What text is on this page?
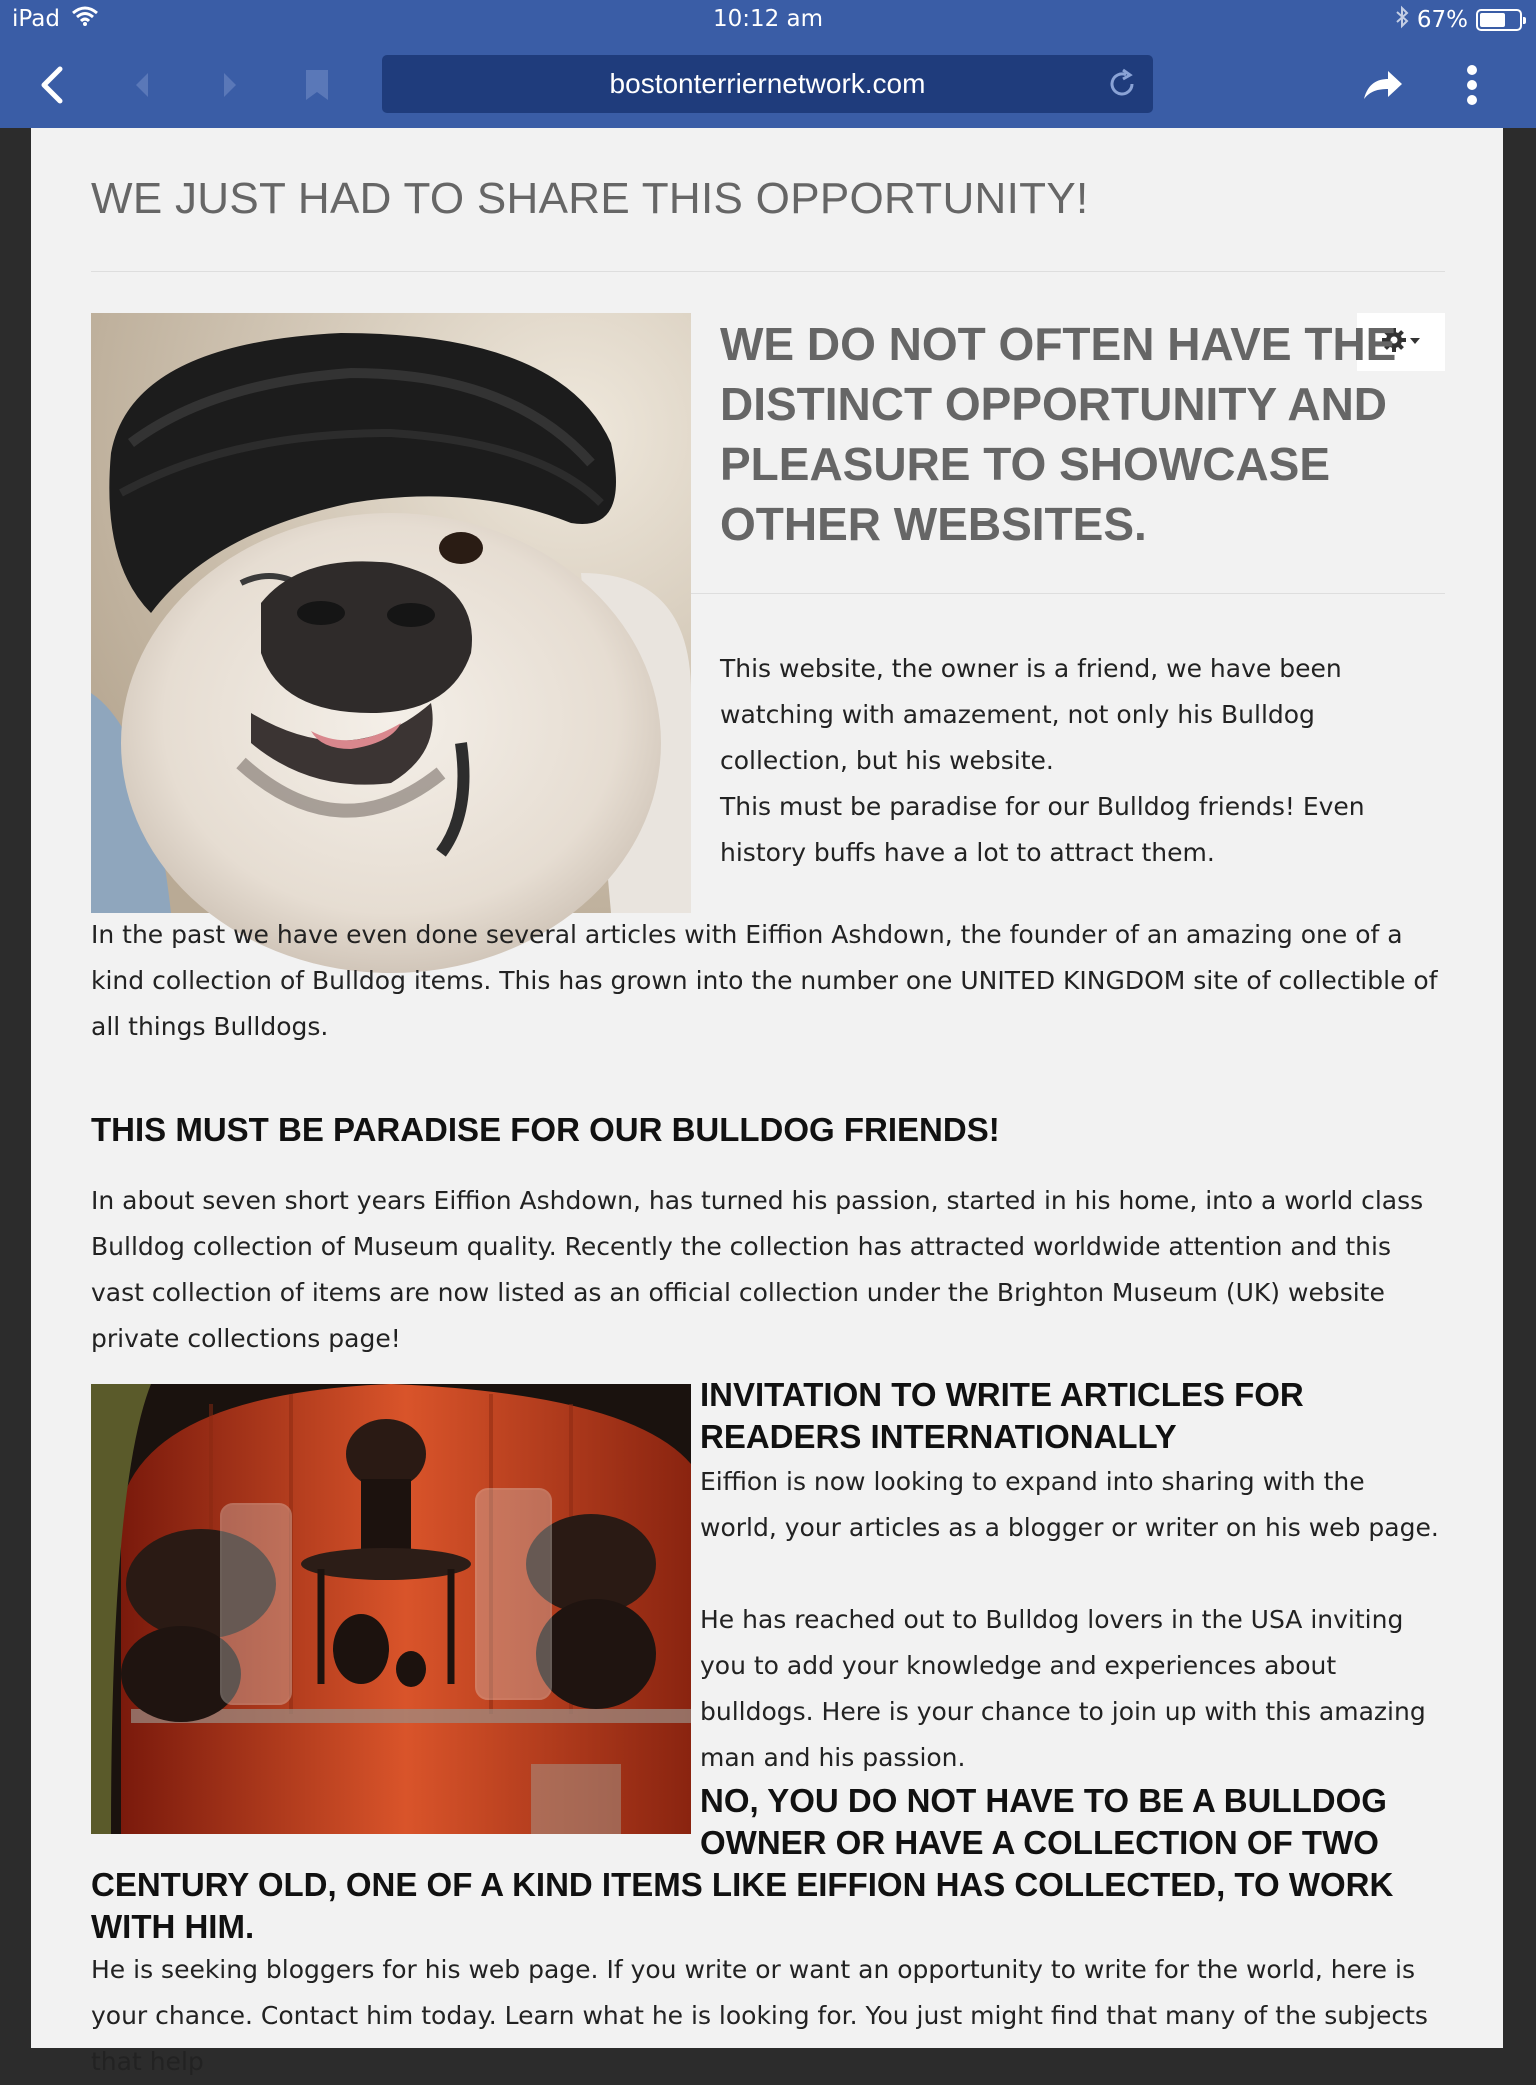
iPad	10:12 am	67%
bostonterriernetwork.com
WE JUST HAD TO SHARE THIS OPPORTUNITY!
WE DO NOT OFTEN HAVE THE DISTINCT OPPORTUNITY AND PLEASURE TO SHOWCASE OTHER WEBSITES.

This website, the owner is a friend, we have been watching with amazement, not only his Bulldog collection, but his website.

This must be paradise for our Bulldog friends! Even history buffs have a lot to attract them.

In the past we have even done several articles with Eiffion Ashdown, the founder of an amazing one of a kind collection of Bulldog items. This has grown into the number one UNITED KINGDOM site of collectible of all things Bulldogs.

THIS MUST BE PARADISE FOR OUR BULLDOG FRIENDS!

In about seven short years Eiffion Ashdown, has turned his passion, started in his home, into a world class Bulldog collection of Museum quality. Recently the collection has attracted worldwide attention and this vast collection of items are now listed as an official collection under the Brighton Museum (UK) website private collections page!

INVITATION TO WRITE ARTICLES FOR READERS INTERNATIONALLY

Eiffion is now looking to expand into sharing with the world, your articles as a blogger or writer on his web page.

He has reached out to Bulldog lovers in the USA inviting you to add your knowledge and experiences about bulldogs. Here is your chance to join up with this amazing man and his passion.

NO, YOU DO NOT HAVE TO BE A BULLDOG
OWNER OR HAVE A COLLECTION OF TWO
CENTURY OLD, ONE OF A KIND ITEMS LIKE EIFFION HAS COLLECTED, TO WORK WITH HIM.

He is seeking bloggers for his web page. If you write or want an opportunity to write for the world, here is your chance. Contact him today. Learn what he is looking for. You just might find that many of the subjects that help
